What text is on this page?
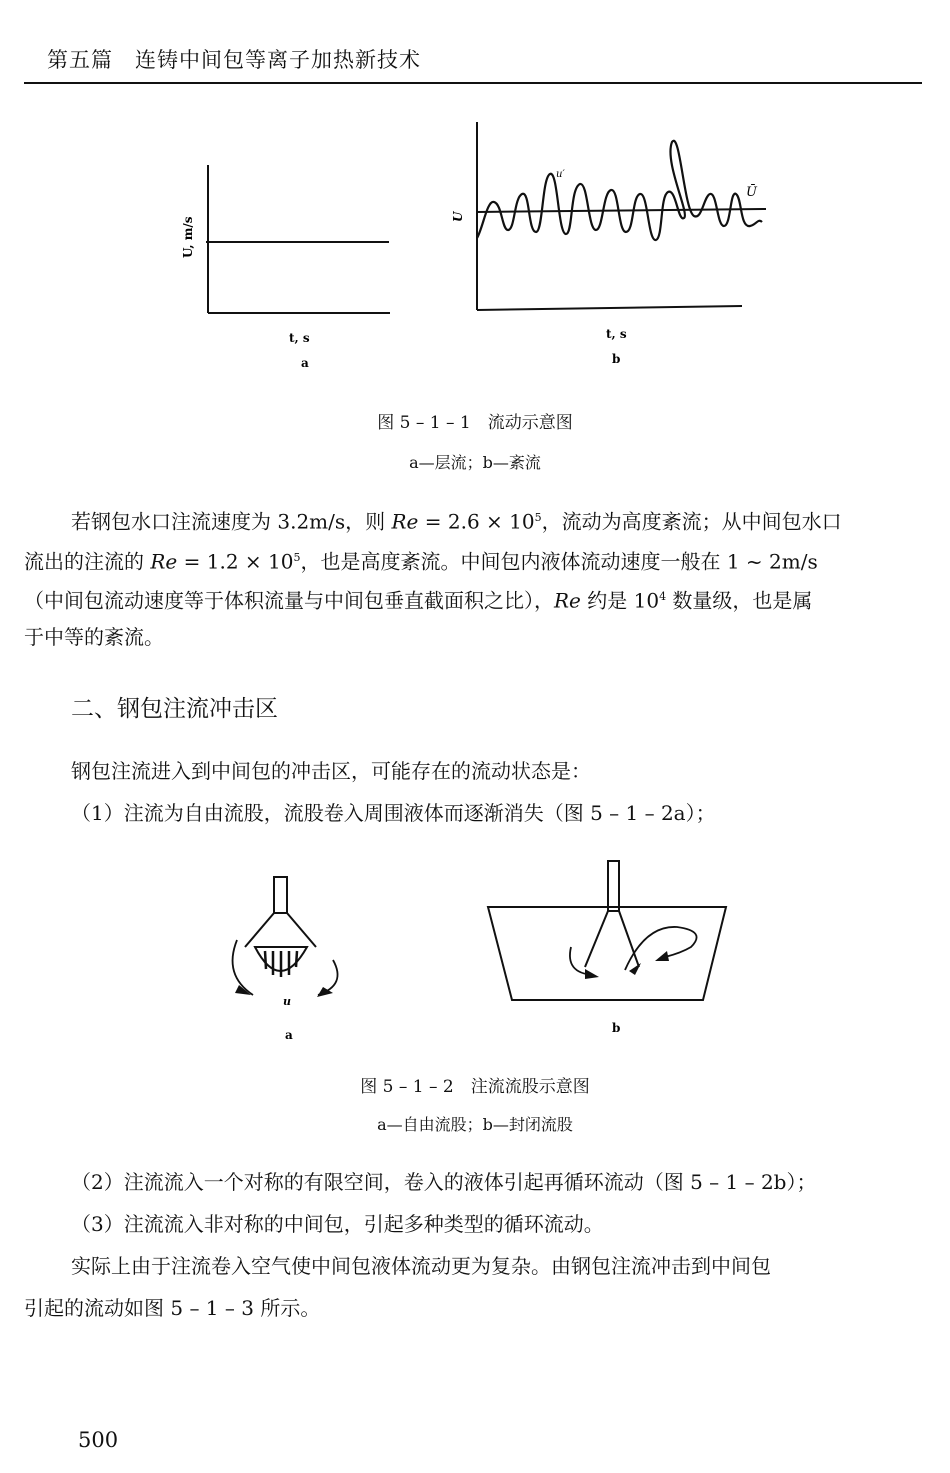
第五篇　连铸中间包等离子加热新技术
U, m/s
t, s
a
U
u′
Ū
t, s
b
图 5 – 1 – 1　流动示意图
a—层流；b—紊流
若钢包水口注流速度为 3.2m/s，则 $Re = 2.6 \times 10^5$，流动为高度紊流；从中间包水口
流出的注流的 $Re = 1.2 \times 10^5$，也是高度紊流。中间包内液体流动速度一般在 1 ~ 2m/s
（中间包流动速度等于体积流量与中间包垂直截面积之比），Re 约是 $10^4$ 数量级，也是属
于中等的紊流。
二、钢包注流冲击区
钢包注流进入到中间包的冲击区，可能存在的流动状态是：
（1）注流为自由流股，流股卷入周围液体而逐渐消失（图 5 – 1 – 2a）；
u
a	b
图 5 – 1 – 2　注流流股示意图
a—自由流股；b—封闭流股
（2）注流流入一个对称的有限空间，卷入的液体引起再循环流动（图 5 – 1 – 2b）；
（3）注流流入非对称的中间包，引起多种类型的循环流动。
实际上由于注流卷入空气使中间包液体流动更为复杂。由钢包注流冲击到中间包
引起的流动如图 5 – 1 – 3 所示。
500
